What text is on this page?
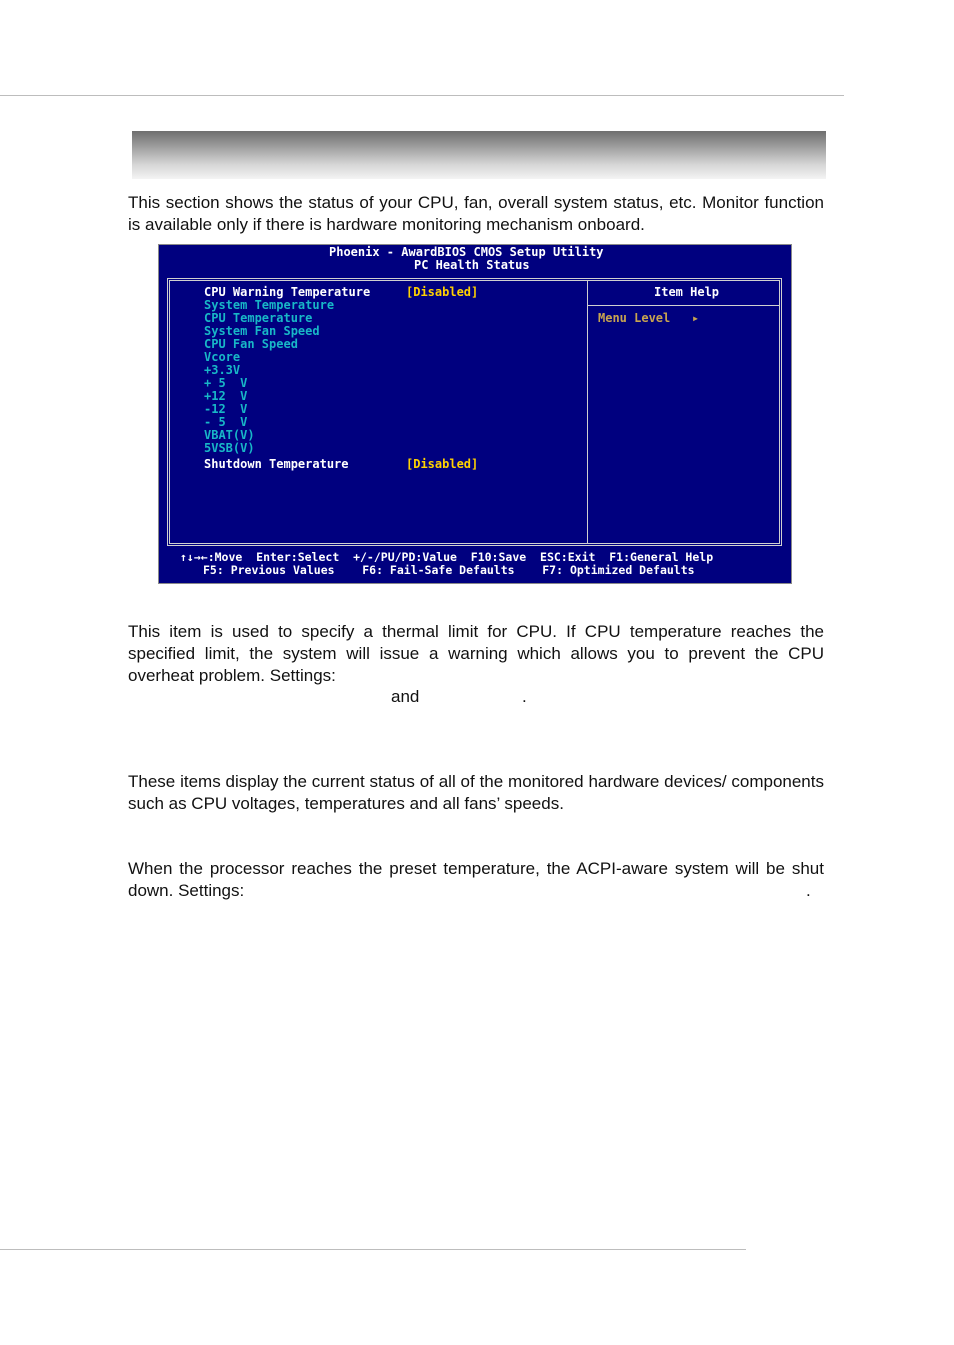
This section shows the status of your CPU, fan, overall system status, etc. Monitor function is available only if there is hardware monitoring mechanism onboard.

Phoenix - AwardBIOS CMOS Setup Utility
PC Health Status
CPU Warning Temperature	[Disabled]
System Temperature
CPU Temperature
System Fan Speed
CPU Fan Speed
Vcore
+3.3V
+ 5  V
+12  V
-12  V
- 5  V
VBAT(V)
5VSB(V)
Shutdown Temperature	[Disabled]
Item Help
Menu Level   ▸
↑↓→←:Move  Enter:Select  +/-/PU/PD:Value  F10:Save  ESC:Exit  F1:General Help
F5: Previous Values    F6: Fail-Safe Defaults    F7: Optimized Defaults

This item is used to specify a thermal limit for CPU. If CPU temperature reaches the specified limit, the system will issue a warning which allows you to prevent the CPU overheat problem. Settings:

and	.

These items display the current status of all of the monitored hardware devices/ components such as CPU voltages, temperatures and all fans’ speeds.

When the processor reaches the preset temperature, the ACPI-aware system will be shut down. Settings:	.
